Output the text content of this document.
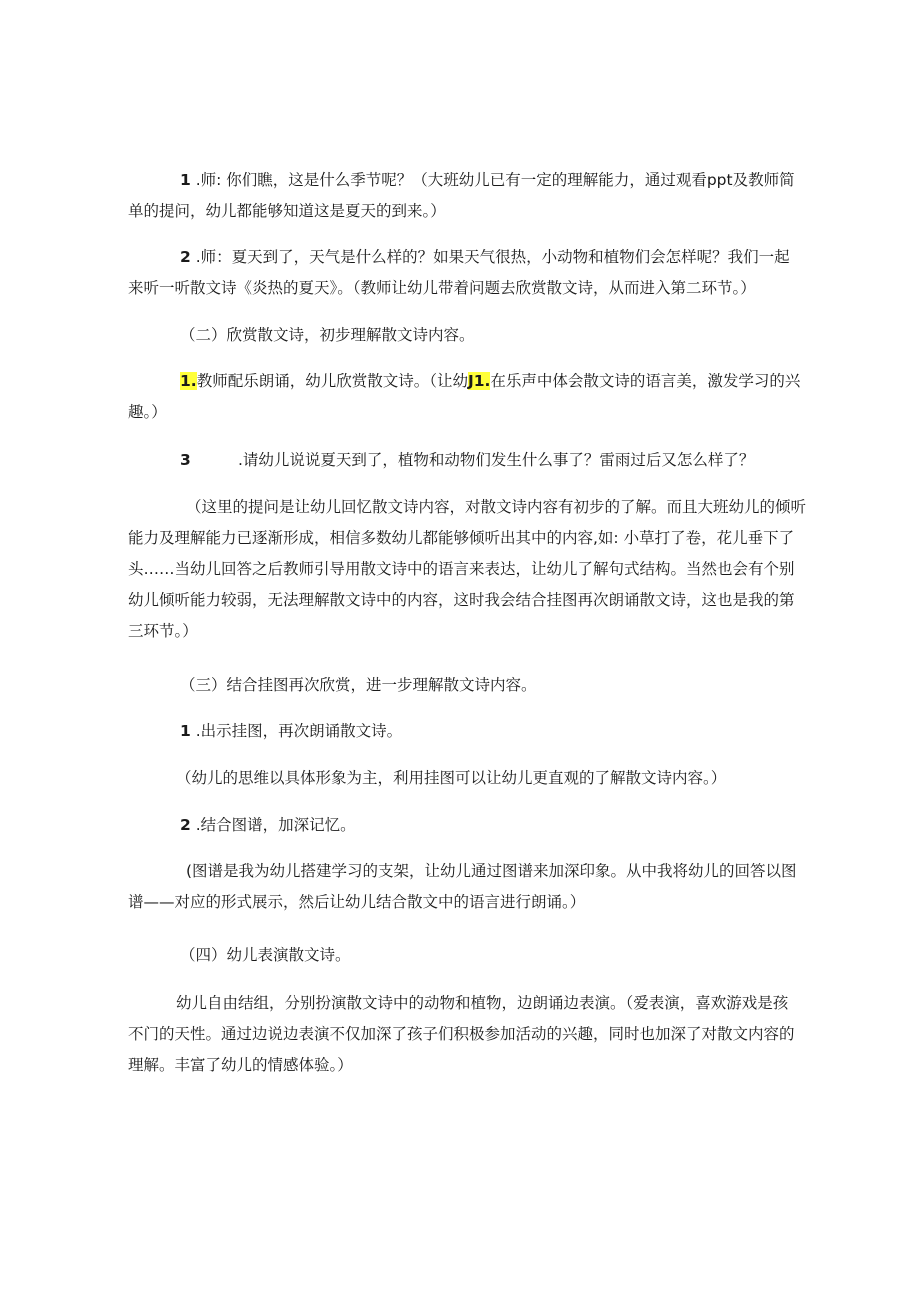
1 .师: 你们瞧，这是什么季节呢？（大班幼儿已有一定的理解能力，通过观看ppt及教师简
单的提问，幼儿都能够知道这是夏天的到来。）
2 .师：夏天到了，天气是什么样的？如果天气很热，小动物和植物们会怎样呢？我们一起
来听一听散文诗《炎热的夏天》。（教师让幼儿带着问题去欣赏散文诗，从而进入第二环节。）
（二）欣赏散文诗，初步理解散文诗内容。
1.教师配乐朗诵，幼儿欣赏散文诗。（让幼J1.在乐声中体会散文诗的语言美，激发学习的兴
趣。）
3	.请幼儿说说夏天到了，植物和动物们发生什么事了？雷雨过后又怎么样了？
（这里的提问是让幼儿回忆散文诗内容，对散文诗内容有初步的了解。而且大班幼儿的倾听
能力及理解能力已逐渐形成，相信多数幼儿都能够倾听出其中的内容,如: 小草打了卷，花儿垂下了
头……当幼儿回答之后教师引导用散文诗中的语言来表达，让幼儿了解句式结构。当然也会有个别
幼儿倾听能力较弱，无法理解散文诗中的内容，这时我会结合挂图再次朗诵散文诗，这也是我的第
三环节。）
（三）结合挂图再次欣赏，进一步理解散文诗内容。
1 .出示挂图，再次朗诵散文诗。
（幼儿的思维以具体形象为主，利用挂图可以让幼儿更直观的了解散文诗内容。）
2 .结合图谱，加深记忆。
(图谱是我为幼儿搭建学习的支架，让幼儿通过图谱来加深印象。从中我将幼儿的回答以图
谱——对应的形式展示，然后让幼儿结合散文中的语言进行朗诵。）
（四）幼儿表演散文诗。
幼儿自由结组，分别扮演散文诗中的动物和植物，边朗诵边表演。（爱表演，喜欢游戏是孩
不门的天性。通过边说边表演不仅加深了孩子们积极参加活动的兴趣，同时也加深了对散文内容的
理解。丰富了幼儿的情感体验。）
